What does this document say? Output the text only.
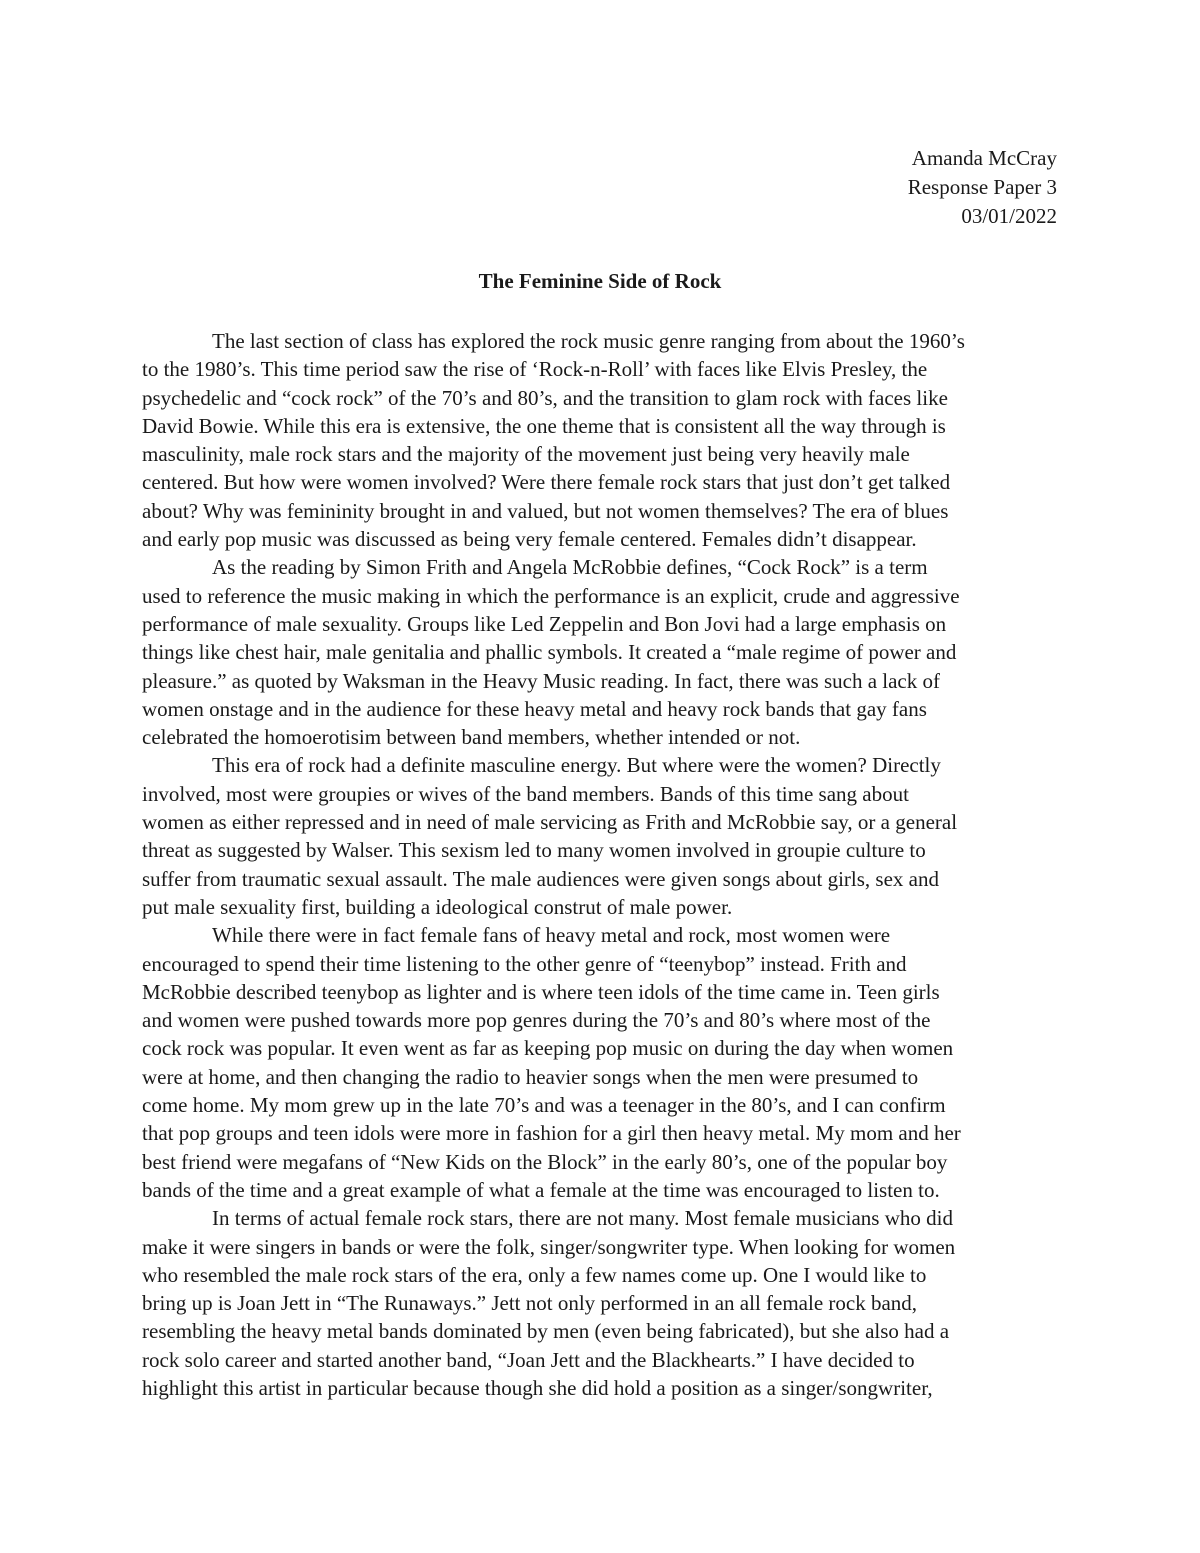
Amanda McCray
Response Paper 3
03/01/2022
The Feminine Side of Rock
The last section of class has explored the rock music genre ranging from about the 1960’s
to the 1980’s. This time period saw the rise of ‘Rock-n-Roll’ with faces like Elvis Presley, the
psychedelic and “cock rock” of the 70’s and 80’s, and the transition to glam rock with faces like
David Bowie. While this era is extensive, the one theme that is consistent all the way through is
masculinity, male rock stars and the majority of the movement just being very heavily male
centered. But how were women involved? Were there female rock stars that just don’t get talked
about? Why was femininity brought in and valued, but not women themselves? The era of blues
and early pop music was discussed as being very female centered. Females didn’t disappear.
As the reading by Simon Frith and Angela McRobbie defines, “Cock Rock” is a term
used to reference the music making in which the performance is an explicit, crude and aggressive
performance of male sexuality. Groups like Led Zeppelin and Bon Jovi had a large emphasis on
things like chest hair, male genitalia and phallic symbols. It created a “male regime of power and
pleasure.” as quoted by Waksman in the Heavy Music reading. In fact, there was such a lack of
women onstage and in the audience for these heavy metal and heavy rock bands that gay fans
celebrated the homoerotisim between band members, whether intended or not.
This era of rock had a definite masculine energy. But where were the women? Directly
involved, most were groupies or wives of the band members. Bands of this time sang about
women as either repressed and in need of male servicing as Frith and McRobbie say, or a general
threat as suggested by Walser. This sexism led to many women involved in groupie culture to
suffer from traumatic sexual assault. The male audiences were given songs about girls, sex and
put male sexuality first, building a ideological construt of male power.
While there were in fact female fans of heavy metal and rock, most women were
encouraged to spend their time listening to the other genre of “teenybop” instead. Frith and
McRobbie described teenybop as lighter and is where teen idols of the time came in. Teen girls
and women were pushed towards more pop genres during the 70’s and 80’s where most of the
cock rock was popular. It even went as far as keeping pop music on during the day when women
were at home, and then changing the radio to heavier songs when the men were presumed to
come home. My mom grew up in the late 70’s and was a teenager in the 80’s, and I can confirm
that pop groups and teen idols were more in fashion for a girl then heavy metal. My mom and her
best friend were megafans of “New Kids on the Block” in the early 80’s, one of the popular boy
bands of the time and a great example of what a female at the time was encouraged to listen to.
In terms of actual female rock stars, there are not many. Most female musicians who did
make it were singers in bands or were the folk, singer/songwriter type. When looking for women
who resembled the male rock stars of the era, only a few names come up. One I would like to
bring up is Joan Jett in “The Runaways.” Jett not only performed in an all female rock band,
resembling the heavy metal bands dominated by men (even being fabricated), but she also had a
rock solo career and started another band, “Joan Jett and the Blackhearts.” I have decided to
highlight this artist in particular because though she did hold a position as a singer/songwriter,
